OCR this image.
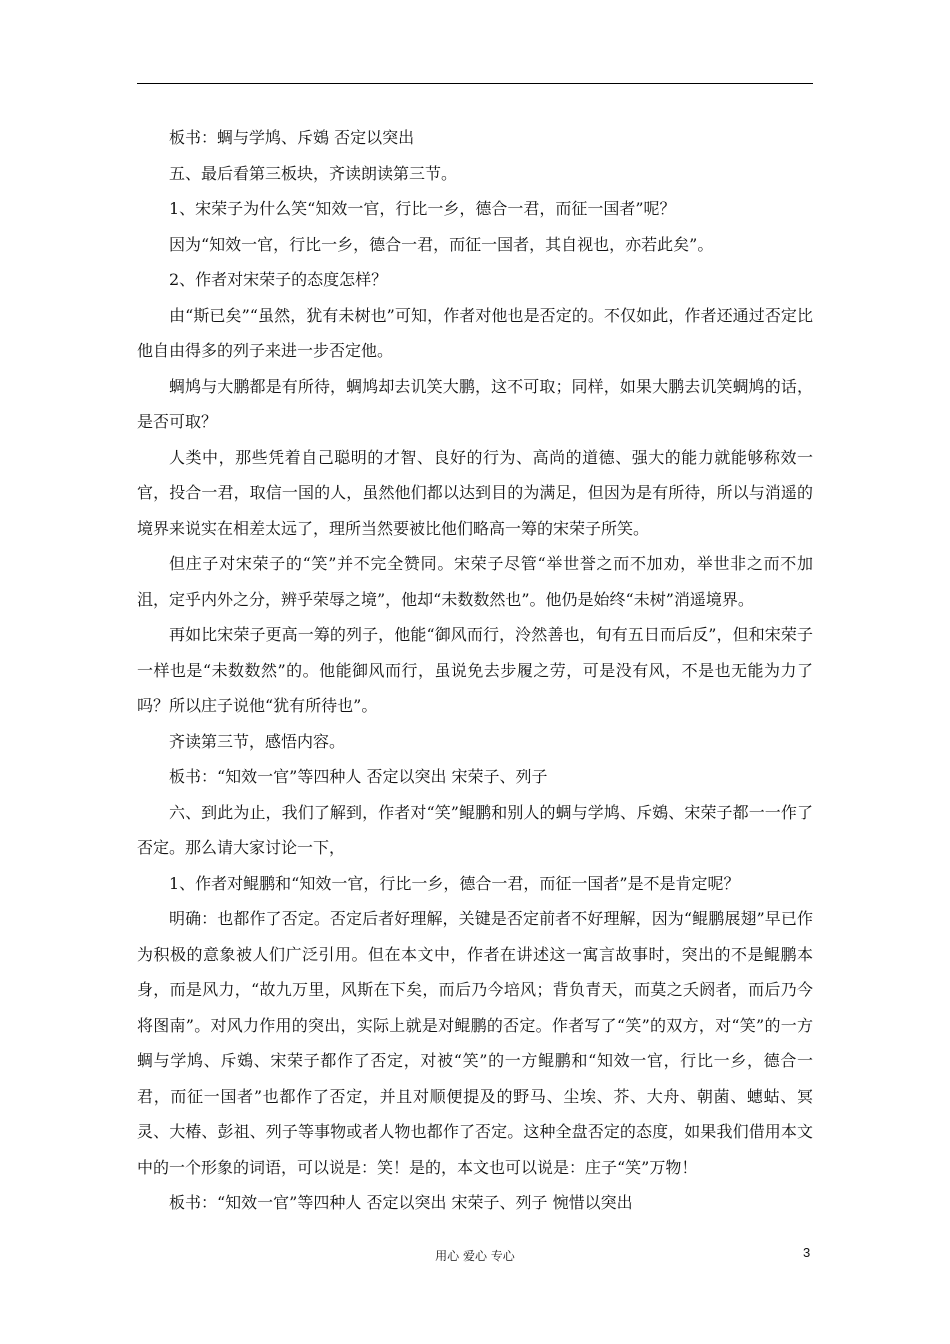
板书：蜩与学鸠、斥鴳 否定以突出

五、最后看第三板块，齐读朗读第三节。

1、宋荣子为什么笑“知效一官，行比一乡，德合一君，而征一国者”呢？

因为“知效一官，行比一乡，德合一君，而征一国者，其自视也，亦若此矣”。

2、作者对宋荣子的态度怎样？

由“斯已矣”“虽然，犹有未树也”可知，作者对他也是否定的。不仅如此，作者还通过否定比他自由得多的列子来进一步否定他。

蜩鸠与大鹏都是有所待，蜩鸠却去讥笑大鹏，这不可取；同样，如果大鹏去讥笑蜩鸠的话，是否可取？

人类中，那些凭着自己聪明的才智、良好的行为、高尚的道德、强大的能力就能够称效一官，投合一君，取信一国的人，虽然他们都以达到目的为满足，但因为是有所待，所以与消遥的境界来说实在相差太远了，理所当然要被比他们略高一筹的宋荣子所笑。

但庄子对宋荣子的“笑”并不完全赞同。宋荣子尽管“举世誉之而不加劝，举世非之而不加沮，定乎内外之分，辨乎荣辱之境”，他却“未数数然也”。他仍是始终“未树”消遥境界。

再如比宋荣子更高一筹的列子，他能“御风而行，泠然善也，旬有五日而后反”，但和宋荣子一样也是“未数数然”的。他能御风而行，虽说免去步履之劳，可是没有风，不是也无能为力了吗？所以庄子说他“犹有所待也”。

齐读第三节，感悟内容。

板书：“知效一官”等四种人 否定以突出 宋荣子、列子

六、到此为止，我们了解到，作者对“笑”鲲鹏和别人的蜩与学鸠、斥鴳、宋荣子都一一作了否定。那么请大家讨论一下，

1、作者对鲲鹏和“知效一官，行比一乡，德合一君，而征一国者”是不是肯定呢？

明确：也都作了否定。否定后者好理解，关键是否定前者不好理解，因为“鲲鹏展翅”早已作为积极的意象被人们广泛引用。但在本文中，作者在讲述这一寓言故事时，突出的不是鲲鹏本身，而是风力，“故九万里，风斯在下矣，而后乃今培风；背负青天，而莫之夭阏者，而后乃今将图南”。对风力作用的突出，实际上就是对鲲鹏的否定。作者写了“笑”的双方，对“笑”的一方蜩与学鸠、斥鴳、宋荣子都作了否定，对被“笑”的一方鲲鹏和“知效一官，行比一乡，德合一君，而征一国者”也都作了否定，并且对顺便提及的野马、尘埃、芥、大舟、朝菌、蟪蛄、冥灵、大椿、彭祖、列子等事物或者人物也都作了否定。这种全盘否定的态度，如果我们借用本文中的一个形象的词语，可以说是：笑！是的，本文也可以说是：庄子“笑”万物！

板书：“知效一官”等四种人 否定以突出 宋荣子、列子 惋惜以突出

用心 爱心 专心	3
